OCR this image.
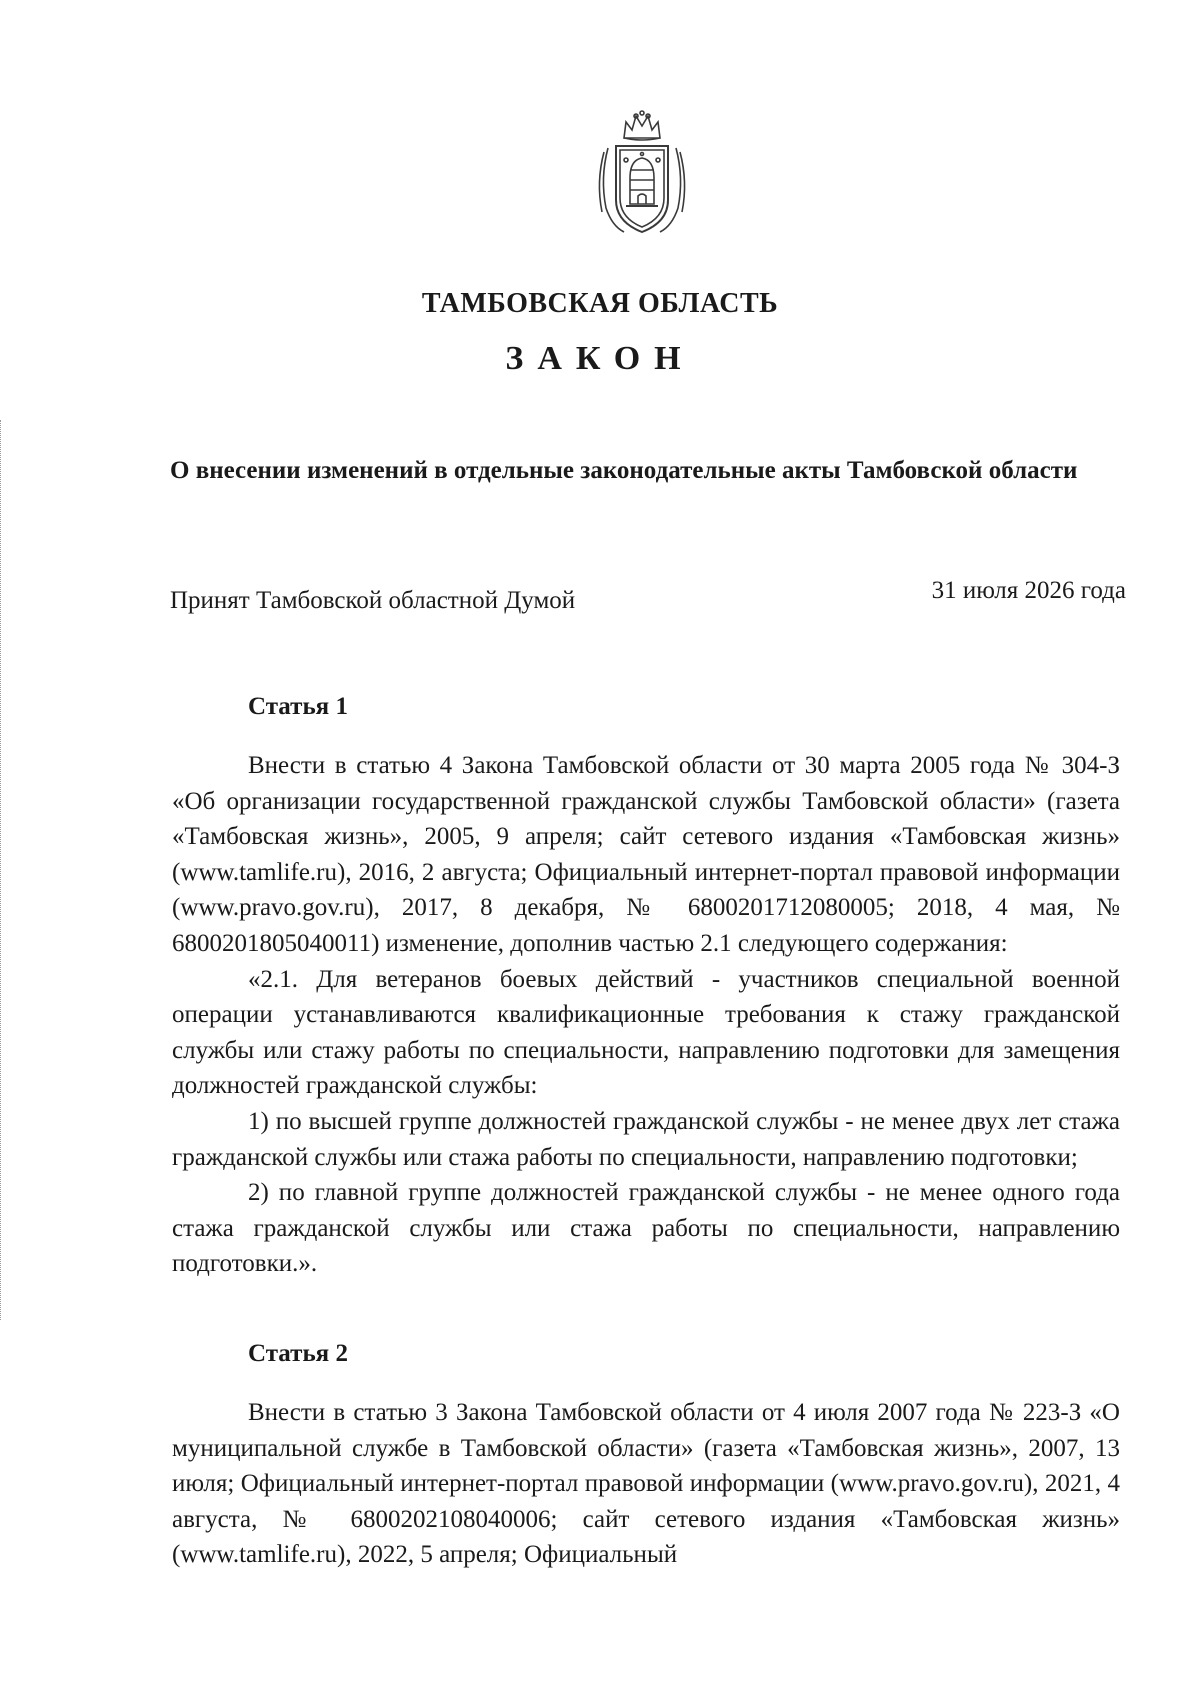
ТАМБОВСКАЯ ОБЛАСТЬ
ЗАКОН
О внесении изменений в отдельные законодательные акты Тамбовской области
Принят Тамбовской областной Думой	31 июля 2026 года
Статья 1

Внести в статью 4 Закона Тамбовской области от 30 марта 2005 года № 304-З «Об организации государственной гражданской службы Тамбовской области» (газета «Тамбовская жизнь», 2005, 9 апреля; сайт сетевого издания «Тамбовская жизнь» (www.tamlife.ru), 2016, 2 августа; Официальный интернет-портал правовой информации (www.pravo.gov.ru), 2017, 8 декабря, № 6800201712080005; 2018, 4 мая, № 6800201805040011) изменение, дополнив частью 2.1 следующего содержания:

«2.1. Для ветеранов боевых действий - участников специальной военной операции устанавливаются квалификационные требования к стажу гражданской службы или стажу работы по специальности, направлению подготовки для замещения должностей гражданской службы:

1) по высшей группе должностей гражданской службы - не менее двух лет стажа гражданской службы или стажа работы по специальности, направлению подготовки;

2) по главной группе должностей гражданской службы - не менее одного года стажа гражданской службы или стажа работы по специальности, направлению подготовки.».

Статья 2

Внести в статью 3 Закона Тамбовской области от 4 июля 2007 года № 223-З «О муниципальной службе в Тамбовской области» (газета «Тамбовская жизнь», 2007, 13 июля; Официальный интернет-портал правовой информации (www.pravo.gov.ru), 2021, 4 августа, № 6800202108040006; сайт сетевого издания «Тамбовская жизнь» (www.tamlife.ru), 2022, 5 апреля; Официальный
